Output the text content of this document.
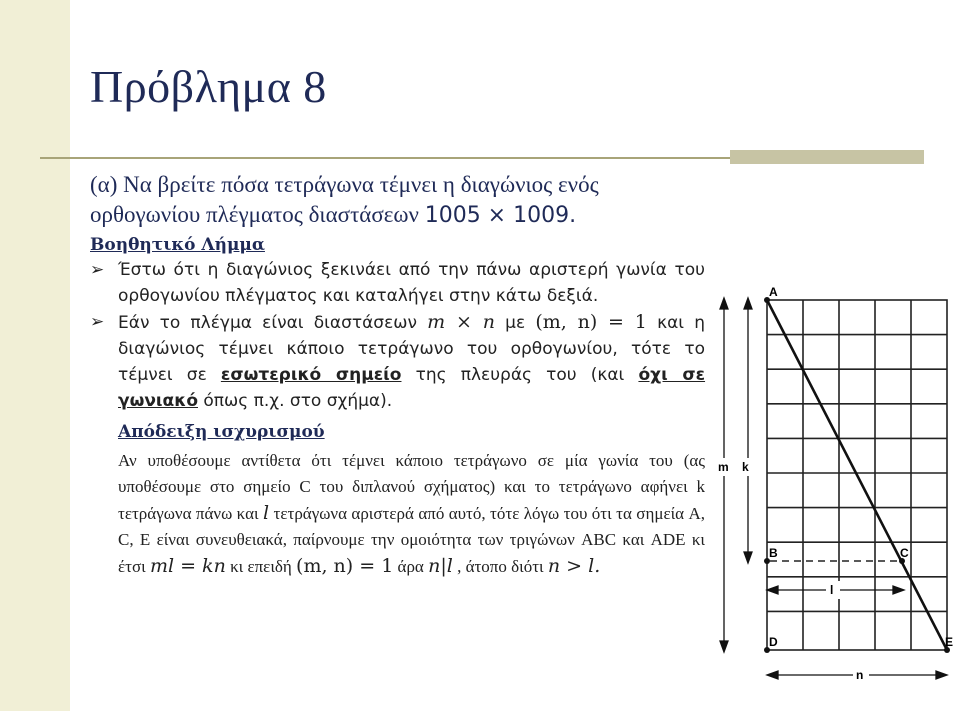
Πρόβλημα 8

(α) Να βρείτε πόσα τετράγωνα τέμνει η διαγώνιος ενός ορθογωνίου πλέγματος διαστάσεων 1005 × 1009.

Βοηθητικό Λήμμα

➢ Έστω ότι η διαγώνιος ξεκινάει από την πάνω αριστερή γωνία του ορθογωνίου πλέγματος και καταλήγει στην κάτω δεξιά.

➢ Εάν το πλέγμα είναι διαστάσεων m × n με (m, n) = 1 και η διαγώνιος τέμνει κάποιο τετράγωνο του ορθογωνίου, τότε το τέμνει σε εσωτερικό σημείο της πλευράς του (και όχι σε γωνιακό όπως π.χ. στο σχήμα).

Απόδειξη ισχυρισμού

Αν υποθέσουμε αντίθετα ότι τέμνει κάποιο τετράγωνο σε μία γωνία του (ας υποθέσουμε στο σημείο C του διπλανού σχήματος) και το τετράγωνο αφήνει k τετράγωνα πάνω και l τετράγωνα αριστερά από αυτό, τότε λόγω του ότι τα σημεία A, C, E είναι συνευθειακά, παίρνουμε την ομοιότητα των τριγώνων ABC και ADE κι έτσι ml = kn κι επειδή (m, n) = 1 άρα n|l , άτοπο διότι n > l.

A
B	C
D	E
m k
l
n
